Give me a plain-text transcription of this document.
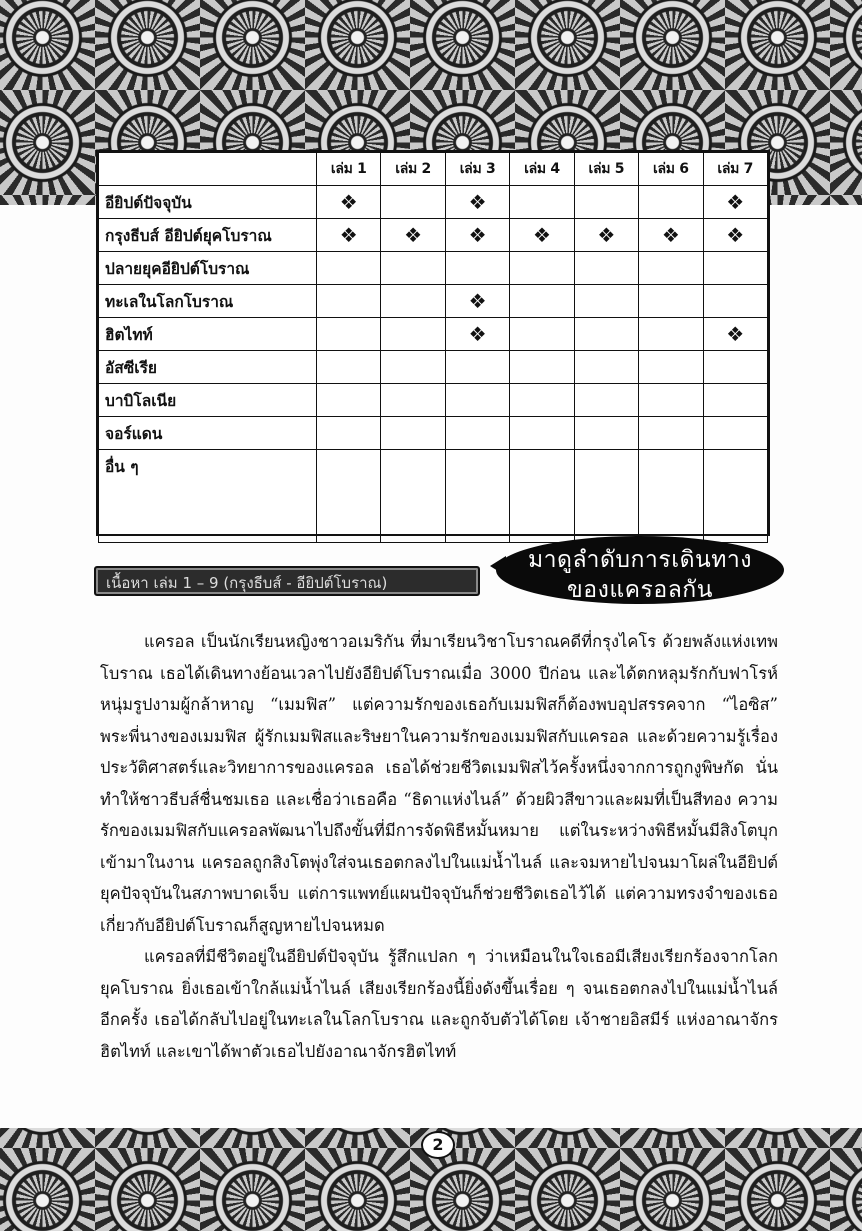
	เล่ม 1	เล่ม 2	เล่ม 3	เล่ม 4	เล่ม 5	เล่ม 6	เล่ม 7
อียิปต์ปัจจุบัน	❖		❖				❖
กรุงธีบส์ อียิปต์ยุคโบราณ	❖	❖	❖	❖	❖	❖	❖
ปลายยุคอียิปต์โบราณ							
ทะเลในโลกโบราณ			❖				
ฮิตไทท์			❖				❖
อัสซีเรีย							
บาบิโลเนีย							
จอร์แดน							
อื่น ๆ							
เนื้อหา เล่ม 1 – 9 (กรุงธีบส์ - อียิปต์โบราณ)
มาดูลำดับการเดินทาง
ของแครอลกัน

แครอล เป็นนักเรียนหญิงชาวอเมริกัน ที่มาเรียนวิชาโบราณคดีที่กรุงไคโร ด้วยพลังแห่งเทพโบราณ เธอได้เดินทางย้อนเวลาไปยังอียิปต์โบราณเมื่อ 3000 ปีก่อน และได้ตกหลุมรักกับฟาโรห์หนุ่มรูปงามผู้กล้าหาญ “เมมฟิส” แต่ความรักของเธอกับเมมฟิสก็ต้องพบอุปสรรคจาก “ไอซิส” พระพี่นางของเมมฟิส ผู้รักเมมฟิสและริษยาในความรักของเมมฟิสกับแครอล และด้วยความรู้เรื่องประวัติศาสตร์และวิทยาการของแครอล เธอได้ช่วยชีวิตเมมฟิสไว้ครั้งหนึ่งจากการถูกงูพิษกัด นั่นทำให้ชาวธีบส์ชื่นชมเธอ และเชื่อว่าเธอคือ “ธิดาแห่งไนล์” ด้วยผิวสีขาวและผมที่เป็นสีทอง ความรักของเมมฟิสกับแครอลพัฒนาไปถึงขั้นที่มีการจัดพิธีหมั้นหมาย แต่ในระหว่างพิธีหมั้นมีสิงโตบุกเข้ามาในงาน แครอลถูกสิงโตพุ่งใส่จนเธอตกลงไปในแม่น้ำไนล์ และจมหายไปจนมาโผล่ในอียิปต์ยุคปัจจุบันในสภาพบาดเจ็บ แต่การแพทย์แผนปัจจุบันก็ช่วยชีวิตเธอไว้ได้ แต่ความทรงจำของเธอเกี่ยวกับอียิปต์โบราณก็สูญหายไปจนหมด

แครอลที่มีชีวิตอยู่ในอียิปต์ปัจจุบัน รู้สึกแปลก ๆ ว่าเหมือนในใจเธอมีเสียงเรียกร้องจากโลกยุคโบราณ ยิ่งเธอเข้าใกล้แม่น้ำไนล์ เสียงเรียกร้องนี้ยิ่งดังขึ้นเรื่อย ๆ จนเธอตกลงไปในแม่น้ำไนล์อีกครั้ง เธอได้กลับไปอยู่ในทะเลในโลกโบราณ และถูกจับตัวได้โดย เจ้าชายอิสมีร์ แห่งอาณาจักรฮิตไทท์ และเขาได้พาตัวเธอไปยังอาณาจักรฮิตไทท์

2
